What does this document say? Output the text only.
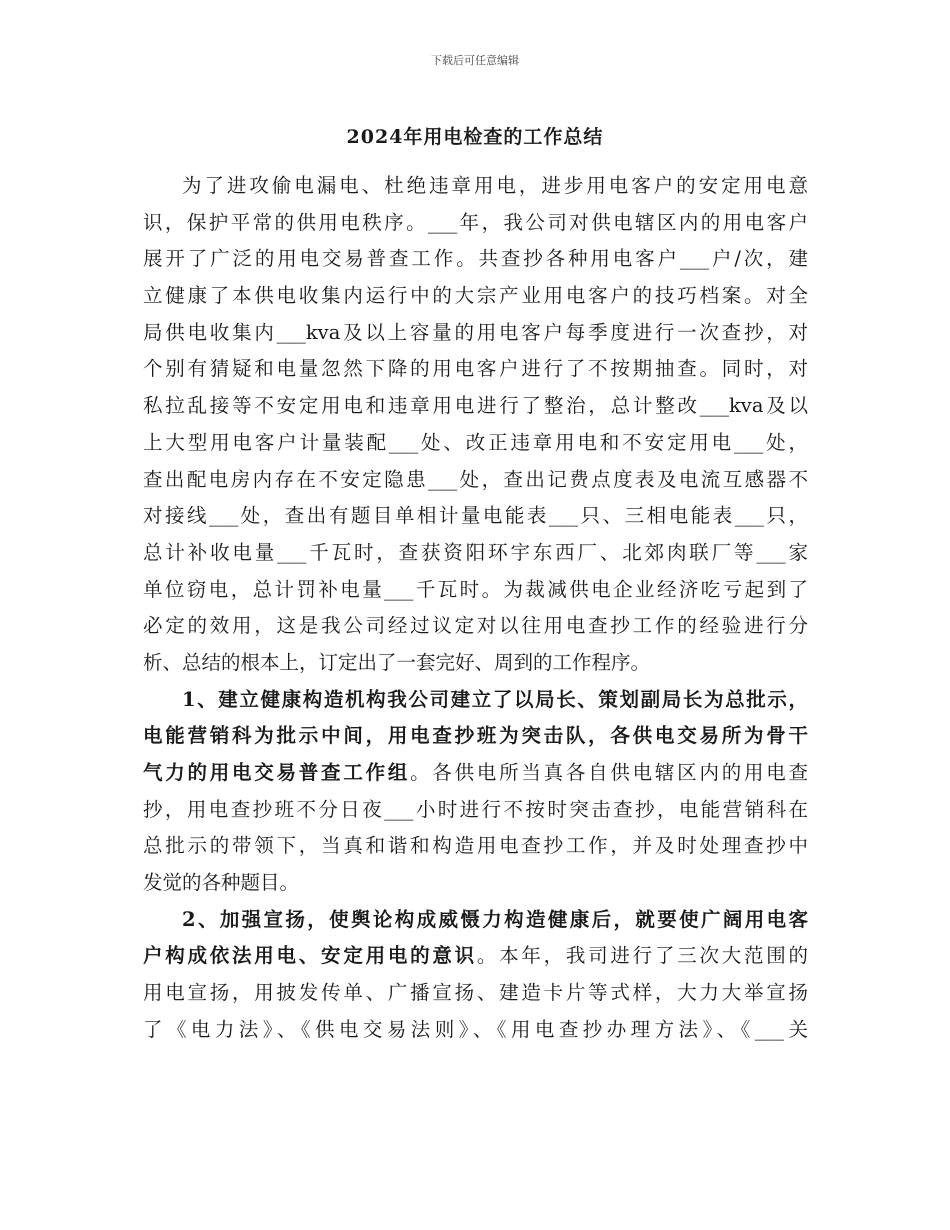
下载后可任意编辑
2024年用电检查的工作总结
为了进攻偷电漏电、杜绝违章用电，进步用电客户的安定用电意
识，保护平常的供用电秩序。___年，我公司对供电辖区内的用电客户
展开了广泛的用电交易普查工作。共查抄各种用电客户___户/次，建
立健康了本供电收集内运行中的大宗产业用电客户的技巧档案。对全
局供电收集内___kva及以上容量的用电客户每季度进行一次查抄，对
个别有猜疑和电量忽然下降的用电客户进行了不按期抽查。同时，对
私拉乱接等不安定用电和违章用电进行了整治，总计整改___kva及以
上大型用电客户计量装配___处、改正违章用电和不安定用电___处，
查出配电房内存在不安定隐患___处，查出记费点度表及电流互感器不
对接线___处，查出有题目单相计量电能表___只、三相电能表___只，
总计补收电量___千瓦时，查获资阳环宇东西厂、北郊肉联厂等___家
单位窃电，总计罚补电量___千瓦时。为裁减供电企业经济吃亏起到了
必定的效用，这是我公司经过议定对以往用电查抄工作的经验进行分
析、总结的根本上，订定出了一套完好、周到的工作程序。
1、建立健康构造机构我公司建立了以局长、策划副局长为总批示，
电能营销科为批示中间，用电查抄班为突击队，各供电交易所为骨干
气力的用电交易普查工作组。各供电所当真各自供电辖区内的用电查
抄，用电查抄班不分日夜___小时进行不按时突击查抄，电能营销科在
总批示的带领下，当真和谐和构造用电查抄工作，并及时处理查抄中
发觉的各种题目。
2、加强宣扬，使舆论构成威慑力构造健康后，就要使广阔用电客
户构成依法用电、安定用电的意识。本年，我司进行了三次大范围的
用电宣扬，用披发传单、广播宣扬、建造卡片等式样，大力大举宣扬
了《电力法》、《供电交易法则》、《用电查抄办理方法》、《___关
